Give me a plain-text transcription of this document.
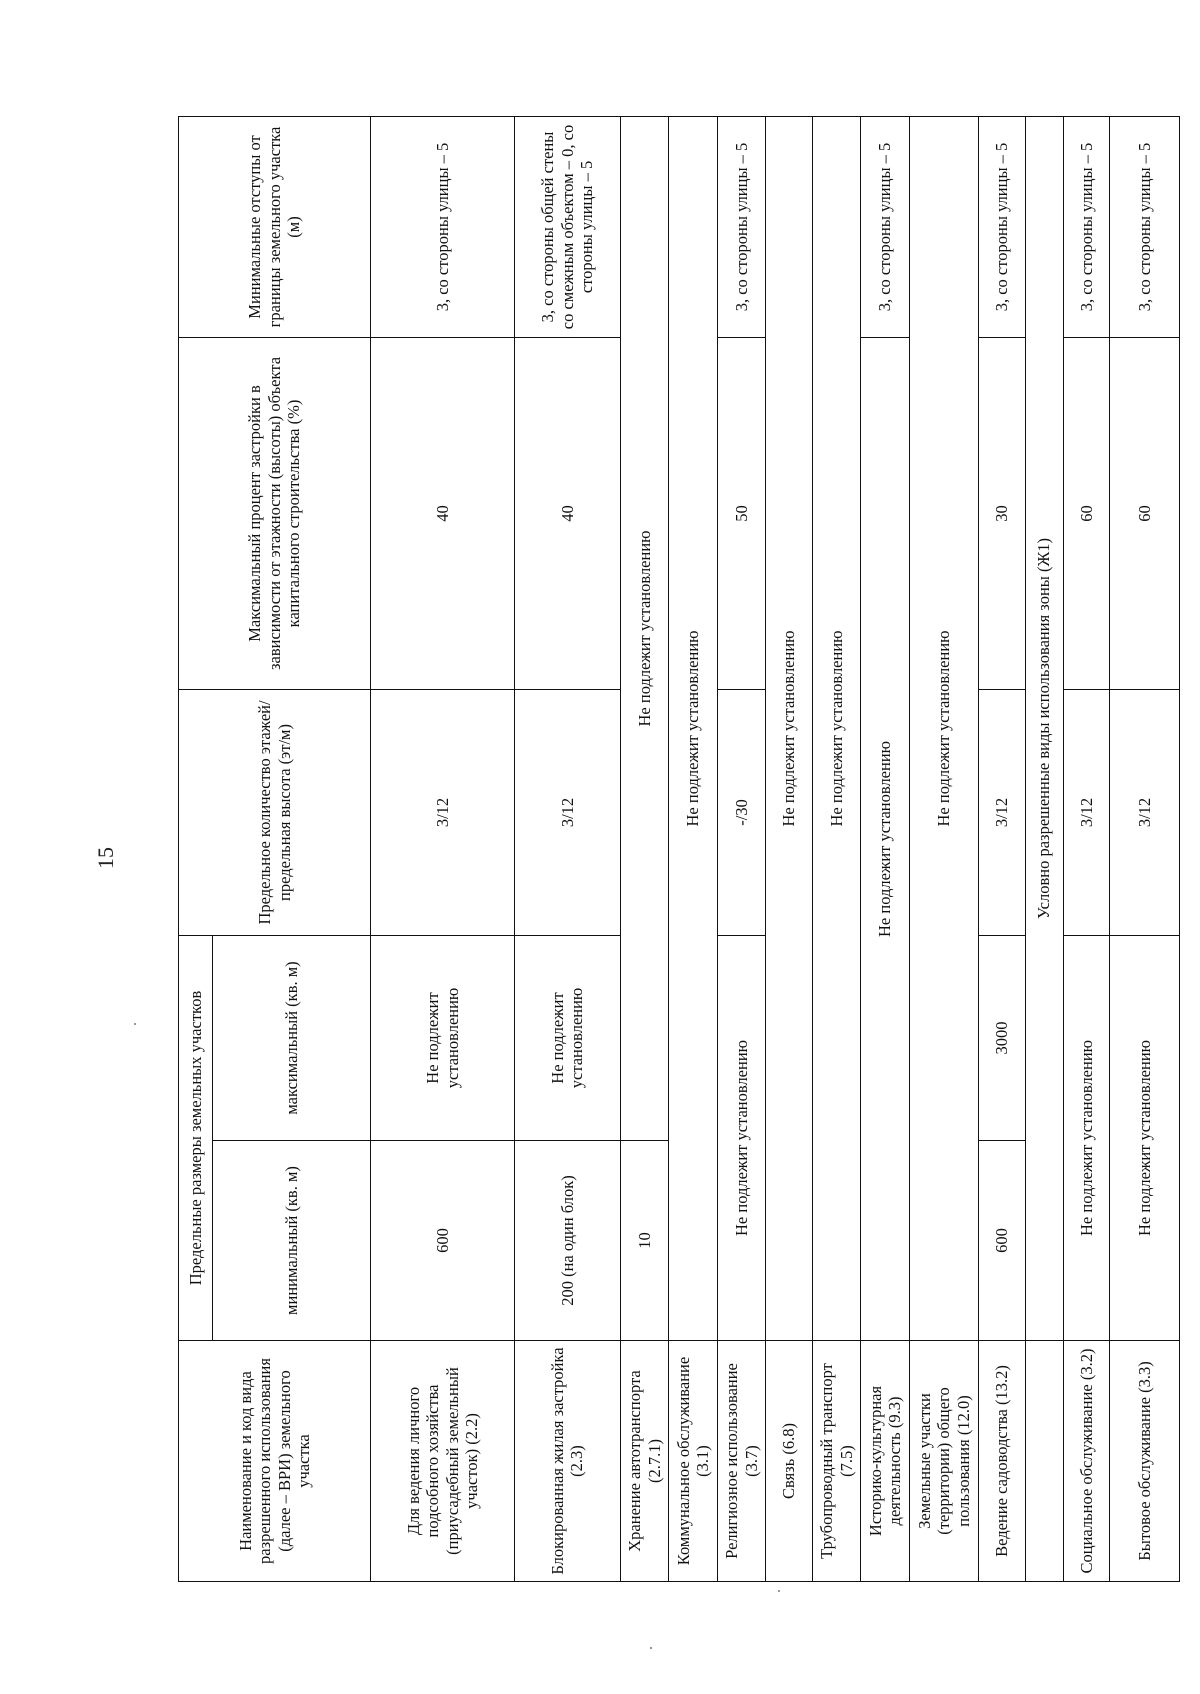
15
Наименование и код вида разрешенного использования (далее – ВРИ) земельного участка	Предельные размеры земельных участков		Предельное количество этажей/ предельная высота (эт/м)	Максимальный процент застройки в зависимости от этажности (высоты) объекта капитального строительства (%)	Минимальные отступы от границы земельного участка (м)
	минимальный (кв. м)	максимальный (кв. м)			
Для ведения личного подсобного хозяйства (приусадебный земельный участок) (2.2)	600	Не подлежит установлению	3/12	40	3, со стороны улицы – 5
Блокированная жилая застройка (2.3)	200 (на один блок)	Не подлежит установлению	3/12	40	3, со стороны общей стены со смежным объектом – 0, со стороны улицы – 5
Хранение автотранспорта (2.7.1)	10	Не подлежит установлению			
Коммунальное обслуживание (3.1)	Не подлежит установлению				
Религиозное использование (3.7)	Не подлежит установлению		-/30	50	3, со стороны улицы – 5
Связь (6.8)	Не подлежит установлению				
Трубопроводный транспорт (7.5)	Не подлежит установлению				
Историко-культурная деятельность (9.3)	Не подлежит установлению				3, со стороны улицы – 5
Земельные участки (территории) общего пользования (12.0)	Не подлежит установлению				
Ведение садоводства (13.2)	600	3000	3/12	30	3, со стороны улицы – 5
	Условно разрешенные виды использования зоны (Ж1)				
Социальное обслуживание (3.2)	Не подлежит установлению		3/12	60	3, со стороны улицы – 5
Бытовое обслуживание (3.3)	Не подлежит установлению		3/12	60	3, со стороны улицы – 5
